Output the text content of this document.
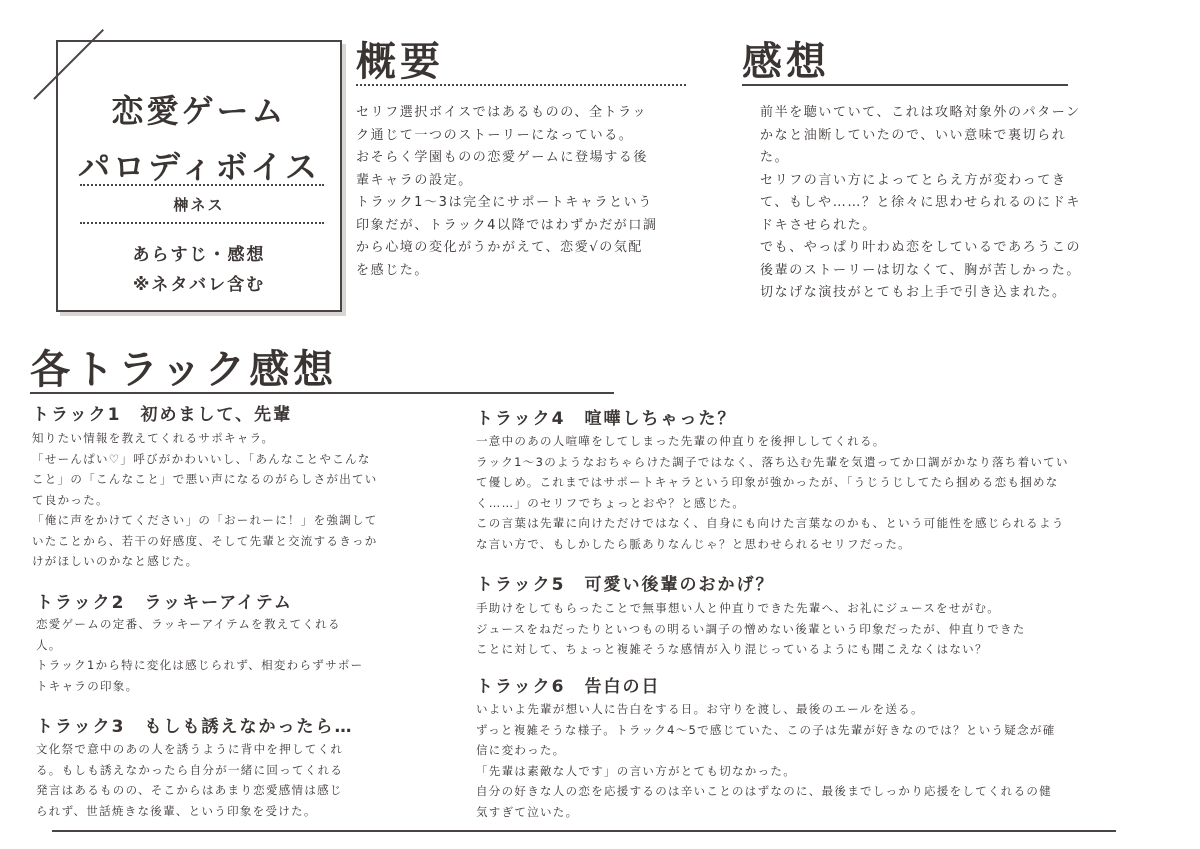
恋愛ゲーム
パロディボイス
榊ネス
あらすじ・感想
※ネタバレ含む
概要
セリフ選択ボイスではあるものの、全トラッ
ク通じて一つのストーリーになっている。
おそらく学園ものの恋愛ゲームに登場する後
輩キャラの設定。
トラック1～3は完全にサポートキャラという
印象だが、トラック4以降ではわずかだが口調
から心境の変化がうかがえて、恋愛√の気配
を感じた。
感想
前半を聴いていて、これは攻略対象外のパターン
かなと油断していたので、いい意味で裏切られ
た。
セリフの言い方によってとらえ方が変わってき
て、もしや……？と徐々に思わせられるのにドキ
ドキさせられた。
でも、やっぱり叶わぬ恋をしているであろうこの
後輩のストーリーは切なくて、胸が苦しかった。
切なげな演技がとてもお上手で引き込まれた。
各トラック感想
トラック1　初めまして、先輩
知りたい情報を教えてくれるサポキャラ。
「せーんぱい♡」呼びがかわいいし、「あんなことやこんな
こと」の「こんなこと」で悪い声になるのがらしさが出てい
て良かった。
「俺に声をかけてください」の「おーれーに！」を強調して
いたことから、若干の好感度、そして先輩と交流するきっか
けがほしいのかなと感じた。
トラック2　ラッキーアイテム
恋愛ゲームの定番、ラッキーアイテムを教えてくれる
人。
トラック1から特に変化は感じられず、相変わらずサポー
トキャラの印象。
トラック3　もしも誘えなかったら…
文化祭で意中のあの人を誘うように背中を押してくれ
る。もしも誘えなかったら自分が一緒に回ってくれる
発言はあるものの、そこからはあまり恋愛感情は感じ
られず、世話焼きな後輩、という印象を受けた。
トラック4　喧嘩しちゃった？
一意中のあの人喧嘩をしてしまった先輩の仲直りを後押ししてくれる。
ラック1～3のようなおちゃらけた調子ではなく、落ち込む先輩を気遣ってか口調がかなり落ち着いてい
て優しめ。これまではサポートキャラという印象が強かったが、「うじうじしてたら掴める恋も掴めな
く……」のセリフでちょっとおや？と感じた。
この言葉は先輩に向けただけではなく、自身にも向けた言葉なのかも、という可能性を感じられるよう
な言い方で、もしかしたら脈ありなんじゃ？と思わせられるセリフだった。
トラック5　可愛い後輩のおかげ？
手助けをしてもらったことで無事想い人と仲直りできた先輩へ、お礼にジュースをせがむ。
ジュースをねだったりといつもの明るい調子の憎めない後輩という印象だったが、仲直りできた
ことに対して、ちょっと複雑そうな感情が入り混じっているようにも聞こえなくはない？
トラック6　告白の日
いよいよ先輩が想い人に告白をする日。お守りを渡し、最後のエールを送る。
ずっと複雑そうな様子。トラック4～5で感じていた、この子は先輩が好きなのでは？という疑念が確
信に変わった。
「先輩は素敵な人です」の言い方がとても切なかった。
自分の好きな人の恋を応援するのは辛いことのはずなのに、最後までしっかり応援をしてくれるの健
気すぎて泣いた。
